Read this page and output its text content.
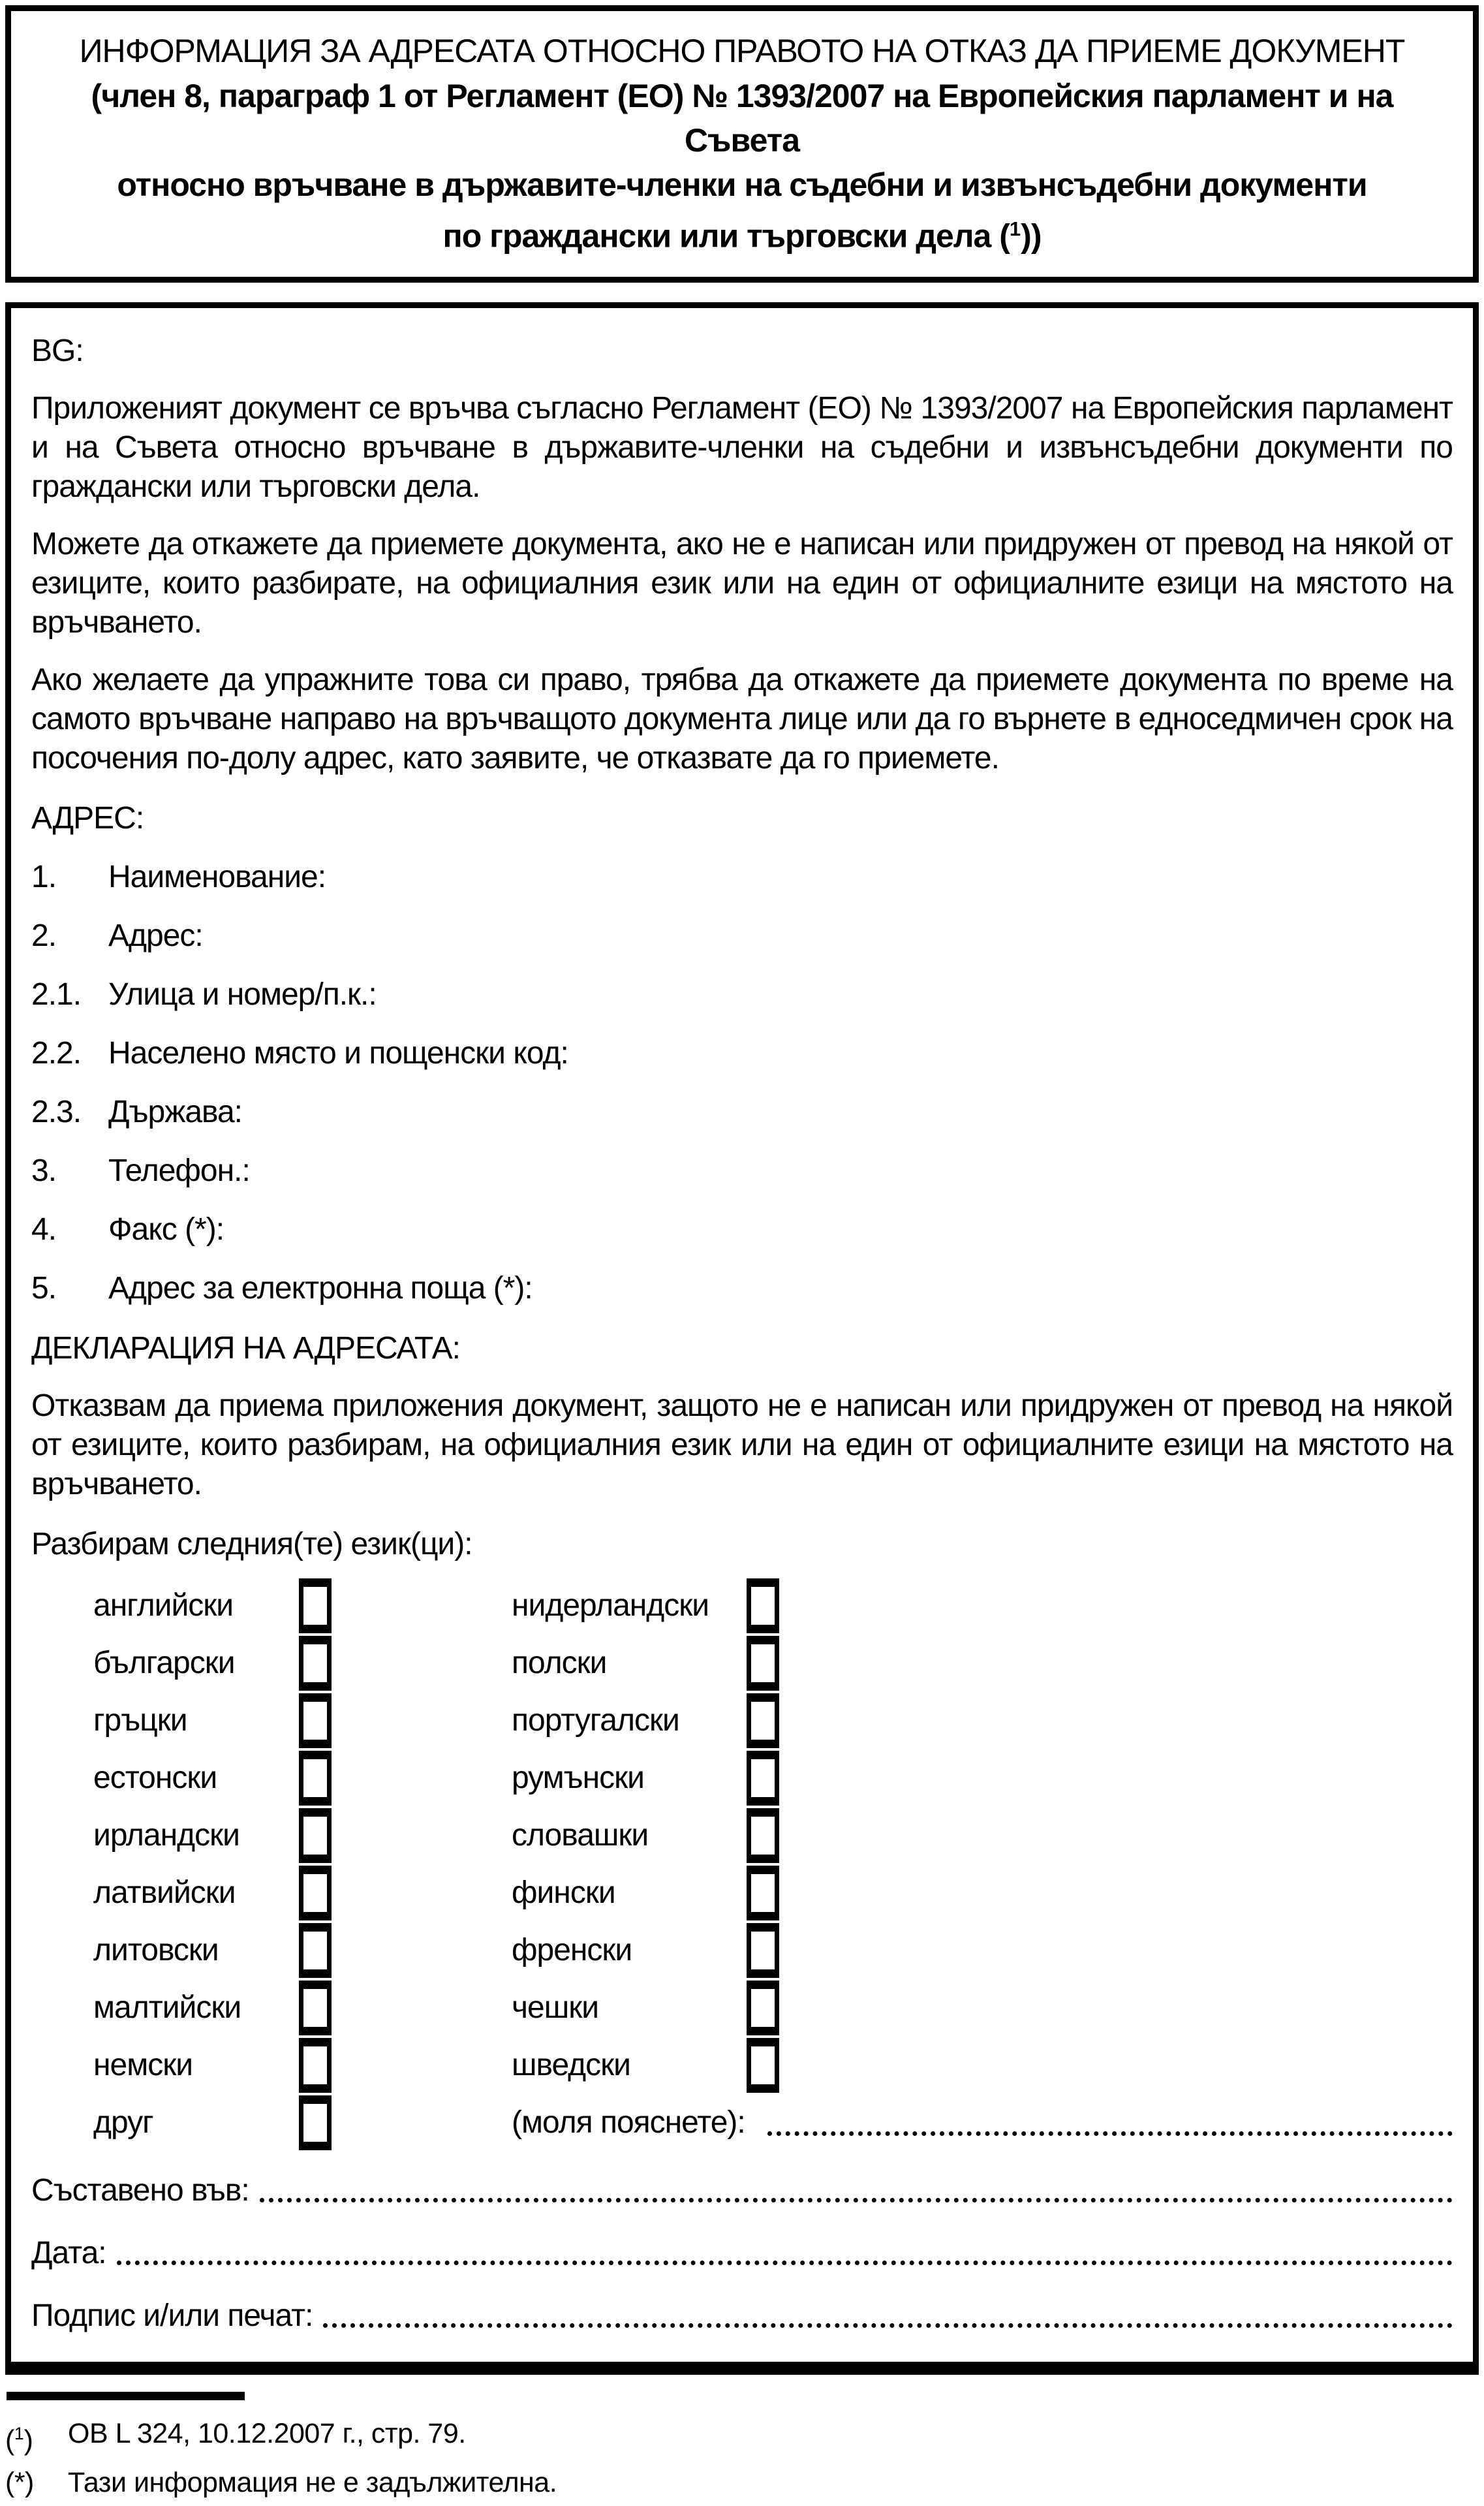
ИНФОРМАЦИЯ ЗА АДРЕСАТА ОТНОСНО ПРАВОТО НА ОТКАЗ ДА ПРИЕМЕ ДОКУМЕНТ
(член 8, параграф 1 от Регламент (ЕО) № 1393/2007 на Европейския парламент и на Съвета
относно връчване в държавите-членки на съдебни и извънсъдебни документи
по граждански или търговски дела ($^1$))
BG:
Приложеният документ се връчва съгласно Регламент (ЕО) № 1393/2007 на Европейския парламент и на Съвета относно връчване в държавите-членки на съдебни и извънсъдебни документи по граждански или търговски дела.
Можете да откажете да приемете документа, ако не е написан или придружен от превод на някой от езиците, които разбирате, на официалния език или на един от официалните езици на мястото на връчването.
Ако желаете да упражните това си право, трябва да откажете да приемете документа по време на самото връчване направо на връчващото документа лице или да го върнете в едноседмичен срок на посочения по-долу адрес, като заявите, че отказвате да го приемете.
АДРЕС:
1.	Наименование:
2.	Адрес:
2.1. Улица и номер/п.к.:
2.2. Населено място и пощенски код:
2.3. Държава:
3.	Телефон.:
4.	Факс (*):
5.	Адрес за електронна поща (*):
ДЕКЛАРАЦИЯ НА АДРЕСАТА:
Отказвам да приема приложения документ, защото не е написан или придружен от превод на някой от езиците, които разбирам, на официалния език или на един от официалните езици на мястото на връчването.
Разбирам следния(те) език(ци):
английски	нидерландски
български	полски
гръцки	португалски
естонски	румънски
ирландски	словашки
латвийски	фински
литовски	френски
малтийски	чешки
немски	шведски
друг	(моля пояснете):
Съставено във:
Дата:
Подпис и/или печат:
($^1$)	ОВ L 324, 10.12.2007 г., стр. 79.
(*)	Тази информация не е задължителна.
